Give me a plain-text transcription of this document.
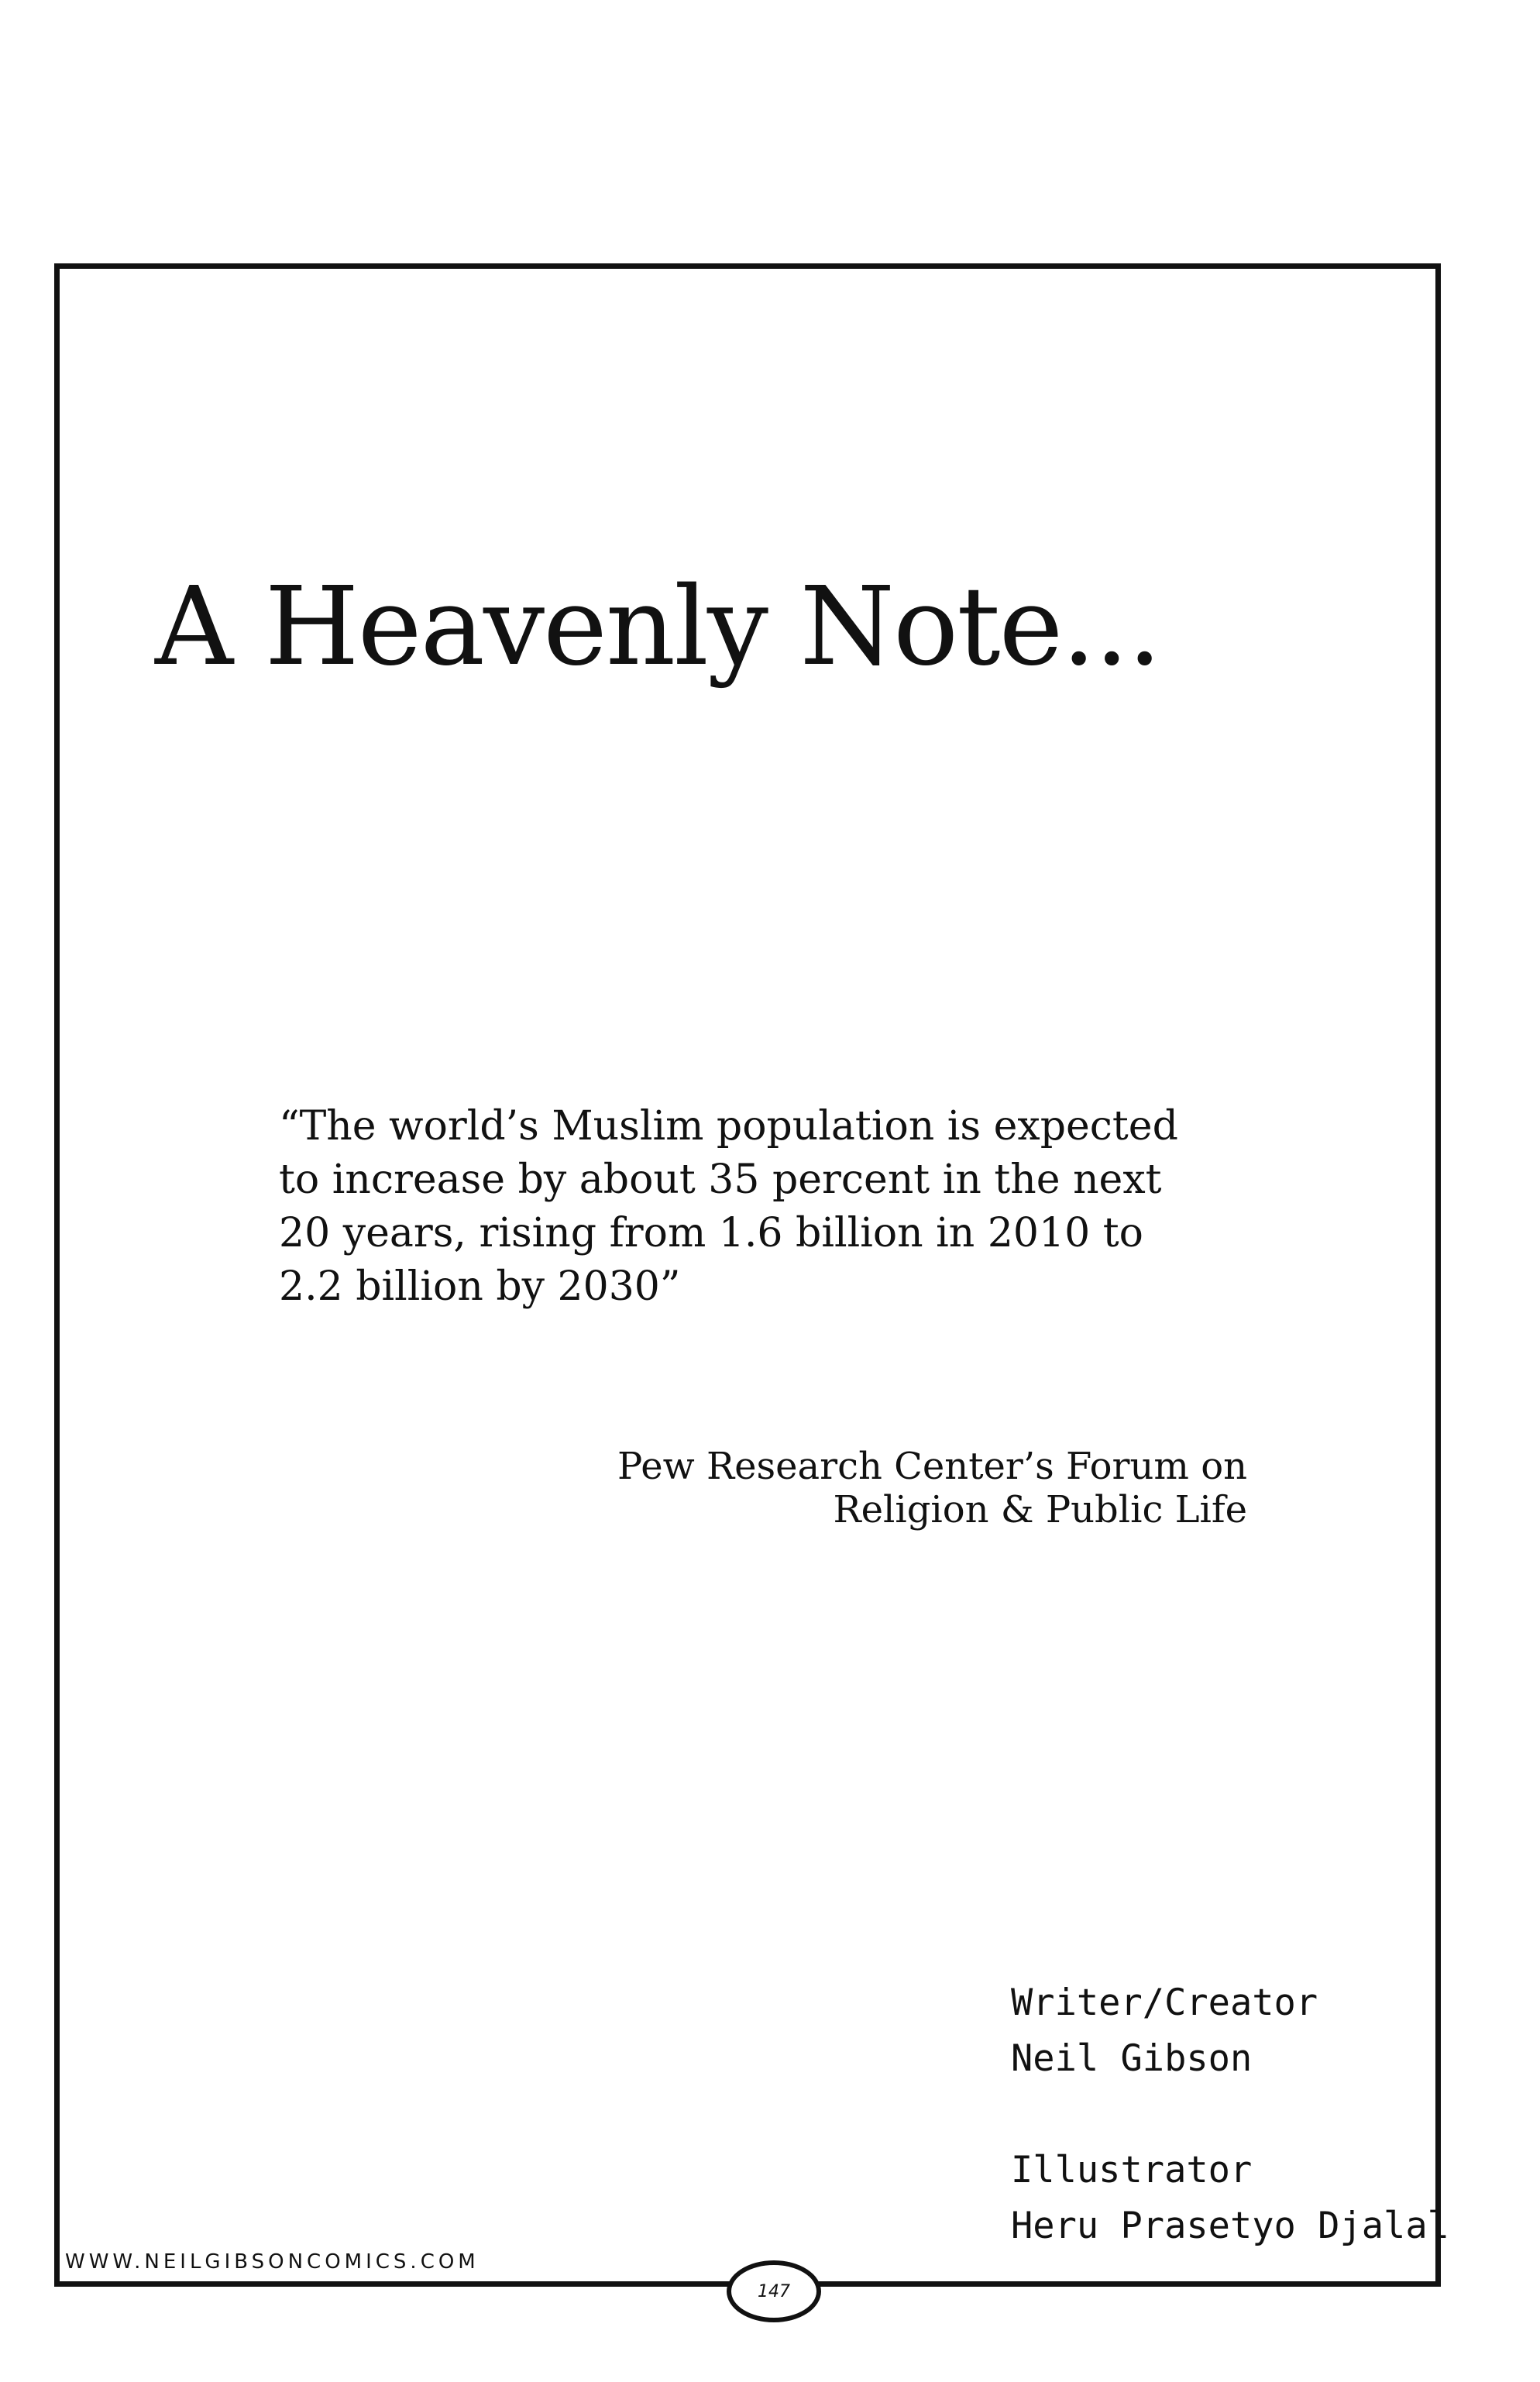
A Heavenly Note...
“The world’s Muslim population is expected
to increase by about 35 percent in the next
20 years, rising from 1.6 billion in 2010 to
2.2 billion by 2030”
Pew Research Center’s Forum on
Religion & Public Life
Writer/Creator
Neil Gibson
Illustrator
Heru Prasetyo Djalal
WWW.NEILGIBSONCOMICS.COM
147
